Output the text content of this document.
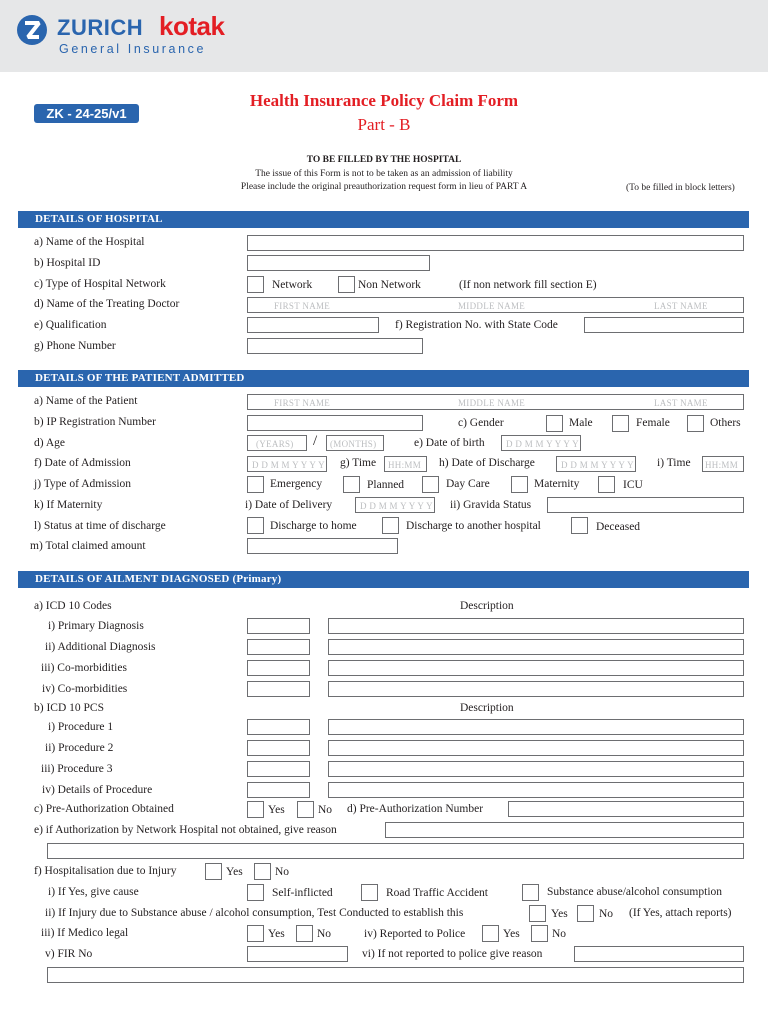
ZURICH kotak
General Insurance
ZK - 24-25/v1
Health Insurance Policy Claim Form
Part - B
TO BE FILLED BY THE HOSPITAL
The issue of this Form is not to be taken as an admission of liability
Please include the original preauthorization request form in lieu of PART A	(To be filled in block letters)
DETAILS OF HOSPITAL
a) Name of the Hospital
b) Hospital ID
c) Type of Hospital Network	Network	Non Network	(If non network fill section E)
d) Name of the Treating Doctor	FIRST NAME	MIDDLE NAME	LAST NAME
e) Qualification	f) Registration No. with State Code
g) Phone Number
DETAILS OF THE PATIENT ADMITTED
a) Name of the Patient	FIRST NAME	MIDDLE NAME	LAST NAME
b) IP Registration Number	c) Gender	Male	Female	Others
d) Age	(YEARS) / (MONTHS)	e) Date of birth D D M M Y Y Y Y
f) Date of Admission	D D M M Y Y Y Y g) Time HH:MM h) Date of Discharge	D D M M Y Y Y Y i) Time HH:MM
j) Type of Admission	Emergency	Planned	Day Care	Maternity	ICU
k) If Maternity	i) Date of Delivery	D D M M Y Y Y Y ii) Gravida Status
l) Status at time of discharge	Discharge to home	Discharge to another hospital	Deceased
m) Total claimed amount
DETAILS OF AILMENT DIAGNOSED (Primary)
a) ICD 10 Codes	Description
i) Primary Diagnosis
ii) Additional Diagnosis
iii) Co-morbidities
iv) Co-morbidities
b) ICD 10 PCS	Description
i) Procedure 1
ii) Procedure 2
iii) Procedure 3
iv) Details of Procedure
c) Pre-Authorization Obtained	Yes	No d) Pre-Authorization Number
e) if Authorization by Network Hospital not obtained, give reason
f) Hospitalisation due to Injury	Yes	No
i) If Yes, give cause	Self-inflicted	Road Traffic Accident	Substance abuse/alcohol consumption
ii) If Injury due to Substance abuse / alcohol consumption, Test Conducted to establish this	Yes	No (If Yes, attach reports)
iii) If Medico legal	Yes	No	iv) Reported to Police	Yes	No
v) FIR No	vi) If not reported to police give reason
